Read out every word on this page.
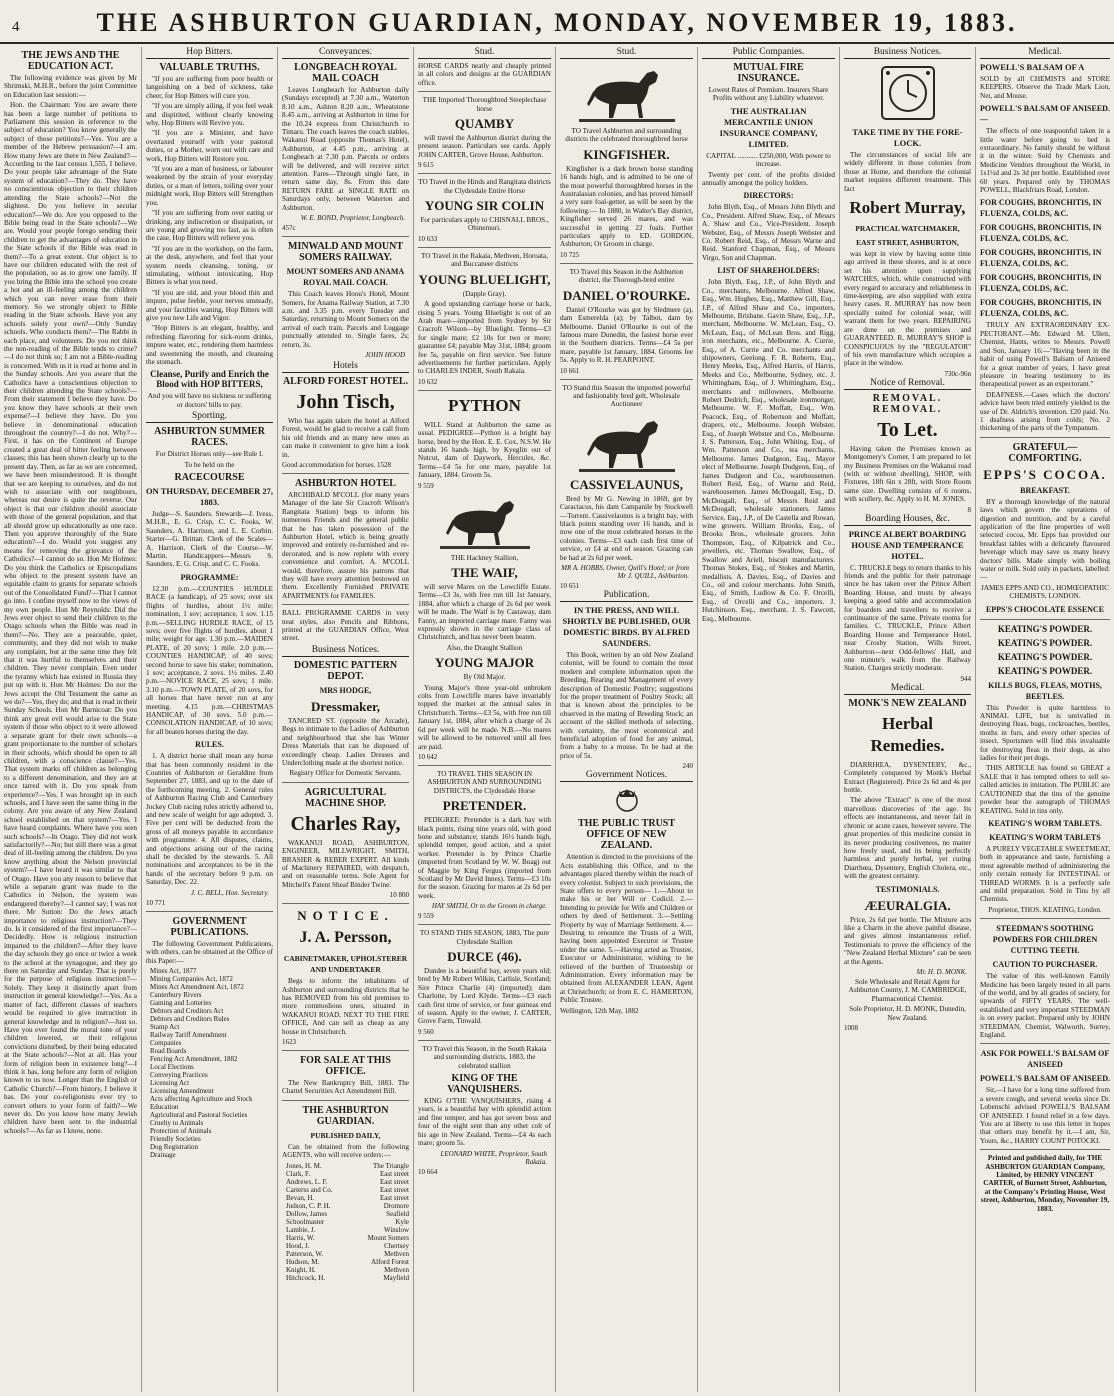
4	THE ASHBURTON GUARDIAN, MONDAY, NOVEMBER 19, 1883.
THE JEWS AND THE EDUCATION ACT.

The following evidence was given by Mr Shrimski, M.H.R., before the joint Committee on Education last session:—

Hon. the Chairman: You are aware there has been a large number of petitions to Parliament this session in reference to the subject of education? You know generally the subject of those petitions?—Yes. You are a member of the Hebrew persuasion?—I am. How many Jews are there in New Zealand?—According to the last census 1,555, I believe. Do your people take advantage of the State system of education?—They do. They have no conscientious objection to their children attending the State schools?—Not the slightest. Do you believe in secular education?—We do. Are you opposed to the Bible being read in the State schools?—We are. Would your people forego sending their children to get the advantages of education in the State schools if the Bible was read in them?—To a great extent. Our object is to have our children educated with the rest of the population, so as to grow one family. If you bring the Bible into the school you create a hot and an ill-feeling among the children which you can never erase from their memory. So we strongly object to Bible reading in the State schools. Have you any schools solely your own?—Only Sunday schools. Who conducts them?—The Rabbi in each place, and volunteers. Do you not think the non-reading of the Bible tends to crime?—I do not think so; I am not a Bible-reading is concerned. With us it is read at home and in the Sunday schools. Are you aware that the Catholics have a conscientious objection to their children attending the State schools?—From their statement I believe they have. Do you know they have schools at their own expense?—I believe they have. Do you believe in denominational education throughout the country?—I do not. Why?—First, it has on the Continent of Europe created a great deal of bitter feeling between classes; this has been shown clearly up to the present day. Then, as far as we are concerned, we have been misunderstood. It is thought that we are keeping to ourselves, and do not wish to associate with our neighbours, whereas our desire is quite the reverse. Our object is that our children should associate with those of the general population, and that all should grow up educationally as one race. Then you approve thoroughly of the State education?—I do. Would you suggest any means for removing the grievance of the Catholics?—I cannot do so. Hon Mr Holmes: Do you think the Catholics or Episcopalians who object to the present system have an equitable claim to grants for separate schools out of the Consolidated Fund?—That I cannot go into. I confine myself now to the views of my own people. Hon Mr Reynolds: Did the Jews ever object to send their children to the Otago schools when the Bible was read in them?—No. They are a peaceable, quiet, community, and they did not wish to make any complaint, but at the same time they felt that it was hurtful to themselves and their children. They never complain. Even under the tyranny which has existed in Russia they put up with it. Hon Mr Holmes: Do not the Jews accept the Old Testament the same as we do?—Yes, they do; and that is read in their Sunday Schools. Hon Mr Barnicoat: Do you think any great evil would arise to the State system if those who object to it were allowed a separate grant for their own schools—a grant proportionate to the number of scholars in their schools, which should be open to all children, with a conscience clause?—Yes. That system marks off children as belonging to a different denomination, and they are at once tarred with it. Do you speak from experience?—Yes. I was brought up in such schools, and I have seen the same thing in the colony. Are you aware of any New Zealand school established on that system?—Yes. I have heard complaints. Where have you seen such schools?—In Otago. They did not work satisfactorily?—No; but still there was a great deal of ill-feeling among the children. Do you know anything about the Nelson provincial system?—I have heard it was similar to that of Otago. Have you any reason to believe that while a separate grant was made to the Catholics in Nelson, the system was endangered thereby?—I cannot say; I was not there. Mr Sutton: Do the Jews attach importance to religious instruction?—They do. Is it considered of the first importance?—Decidedly. How is religious instruction imparted to the children?—After they leave the day schools they go once or twice a week to the school at the synagogue, and they go there on Saturday and Sunday. That is purely for the purpose of religious instruction?—Solely. They keep it distinctly apart from instruction in general knowledge?—Yes. As a matter of fact, different classes of teachers would be required to give instruction in general knowledge and in religion?—Just so. Have you ever found the moral tone of your children lowered, or their religious convictions disturbed, by their being educated at the State schools?—Not at all. Has your form of religion been in existence long?—I think it has, long before any form of religion known to us now. Longer than the English or Catholic Church?—From history, I believe it has. Do your co-religionists ever try to convert others to your form of faith?—We never do. Do you know how many Jewish children have been sent to the industrial schools?—As far as I know, none.

Hop Bitters.
VALUABLE TRUTHS.

"If you are suffering from poor health or languishing on a bed of sickness, take cheer, for Hop Bitters will cure you.

"If you are simply ailing, if you feel weak and dispirited, without clearly knowing why, Hop Bitters will Revive you.

"If you are a Minister, and have overtaxed yourself with your pastoral duties, or a Mother, worn out with care and work, Hop Bitters will Restore you.

"If you are a man of business, or labourer weakened by the strain of your everyday duties, or a man of letters, toiling over your midnight work, Hop Bitters will Strengthen you.

"If you are suffering from over eating or drinking, any indiscretion or dissipation, or are young and growing too fast, as is often the case, Hop Bitters will relieve you.

"If you are in the workshop, on the farm, at the desk, anywhere, and feel that your system needs cleansing, toning, or stimulating, without intoxicating, Hop Bitters is what you need.

"If you are old, and your blood thin and impure, pulse feeble, your nerves unsteady, and your faculties waning, Hop Bitters will give you new Life and Vigor.

"Hop Bitters is an elegant, healthy, and refreshing flavoring for sick-room drinks, impure water, etc., rendering them harmless and sweetening the mouth, and cleansing the stomach.

Cleanse, Purify and Enrich the Blood with HOP BITTERS,

And you will have no sickness or suffering or doctors' bills to pay.

Sporting.
ASHBURTON SUMMER RACES.

For District Horses only—see Rule I.

To be held on the

RACECOURSE
ON THURSDAY, DECEMBER 27, 1883.

Judge—S. Saunders. Stewards—J. Ivess, M.H.R., E. G. Crisp, C. C. Fooks, W. Saunders, A. Harrison, and L. E. Corbin. Starter—G. Brittan. Clerk of the Scales—A. Harrison. Clerk of the Course—W. Martin. Handicappers—Messrs S. Saunders, E. G. Crisp, and C. C. Fooks.

PROGRAMME:

12.30 p.m.—COUNTIES HURDLE RACE (a handicap), of 25 sovs; over six flights of hurdles, about 1½ mile; nomination, 1 sov; acceptance, 1 sov. 1.15 p.m.—SELLING HURDLE RACE, of 15 sovs; over five flights of hurdles, about 1 mile; weight for age. 1.30 p.m.—MAIDEN PLATE, of 20 sovs; 1 mile. 2.0 p.m.—COUNTIES HANDICAP, of 40 sovs; second horse to save his stake; nomination, 1 sov; acceptance, 2 sovs. 1½ miles. 2.40 p.m.—NOVICE RACE, 25 sovs; 1 mile. 3.10 p.m.—TOWN PLATE, of 20 sovs, for all horses that have never run at any meeting. 4.15 p.m.—CHRISTMAS HANDICAP, of 30 sovs. 5.0 p.m.—CONSOLATION HANDICAP, of 10 sovs; for all beaten horses during the day.

RULES.

1. A district horse shall mean any horse that has been commonly resident in the Counties of Ashburton or Geraldine from September 27, 1883, and up to the date of the forthcoming meeting. 2. General rules of Ashburton Racing Club and Canterbury Jockey Club racing rules strictly adhered to, and new scale of weight for age adopted. 3. Five per cent will be deducted from the gross of all moneys payable in accordance with programme. 4. All disputes, claims, and objections arising out of the racing shall be decided by the stewards. 5. All nominations and acceptances to be in the hands of the secretary before 9 p.m. on Saturday, Dec. 22.

J. C. BELL, Hon. Secretary.
10 771
GOVERNMENT PUBLICATIONS.

The following Government Publications, with others, can be obtained at the Office of this Paper:—

Mines Act, 1877
Mining Companies Act, 1872
Mines Act Amendment Act, 1872
Canterbury Rivers
Gaming and Lotteries
Debtors and Creditors Act
Debtors and Creditors Rules
Stamp Act
Railway Tariff Amendment
Companies
Road Boards
Fencing Act Amendment, 1882
Local Elections
Conveying Practices
Licensing Act
Licensing Amendment
Acts affecting Agriculture and Stock
Education
Agricultural and Pastoral Societies
Cruelty to Animals
Protection of Animals
Friendly Societies
Dog Registration
Drainage
Conveyances.
LONGBEACH ROYAL MAIL COACH

Leaves Longbeach for Ashburton daily (Sundays excepted) at 7.30 a.m., Waterton 8.10 a.m., Ashton 8.20 a.m., Wheatstone 8.45 a.m., arriving at Ashburton in time for the 10.24 express from Christchurch to Timaru. The coach leaves the coach stables, Wakanui Road (opposite Thomas's Hotel), Ashburton, at 4.45 p.m., arriving at Longbeach at 7.30 p.m. Parcels or orders will be delivered, and will receive strict attention. Fares—Through single fare, in return same day, 8s. From this date RETURN FARE at SINGLE RATE on Saturdays only, between Waterton and Ashburton.

W. E. BOND, Proprietor, Longbeach.
457c
MINWALD AND MOUNT SOMERS RAILWAY.
MOUNT SOMERS AND ANAMA ROYAL MAIL COACH.

This Coach leaves Hoou's Hotel, Mount Somers, for Anama Railway Station, at 7.30 a.m. and 3.35 p.m. every Tuesday and Saturday, returning to Mount Somers on the arrival of each train. Parcels and Luggage punctually attended to. Single fares, 2s; return, 3s.

JOHN HOOD
Hotels
ALFORD FOREST HOTEL.
John Tisch,

Who has again taken the hotel at Alford Forest, would be glad to receive a call from his old friends and as many new ones as can make it convenient to give him a look in.

Good accommodation for horses. 1528
ASHBURTON HOTEL

ARCHIBALD M'COLL (for many years Manager of the late Sir Cracroft Wilson's Rangitata Station) begs to inform his numerous Friends and the general public that he has taken possession of the Ashburton Hotel, which is being greatly improved and entirely re-furnished and re-decorated, and is now replete with every convenience and comfort. A. M'COLL would, therefore, assure his patrons that they will have every attention bestowed on them. Excellently Furnished PRIVATE APARTMENTS for FAMILIES.

BALL PROGRAMME CARDS in very neat styles, also Pencils and Ribbons, printed at the GUARDIAN Office, West street.

Business Notices.
DOMESTIC PATTERN DEPOT.
MRS HODGE,
Dressmaker,

TANCRED ST. (opposite the Arcade), Begs to intimate to the Ladies of Ashburton and neighbourhood that she has Winter Dress Materials that can be disposed of exceedingly cheap. Ladies Dresses and Underclothing made at the shortest notice.

Registry Office for Domestic Servants.

AGRICULTURAL MACHINE SHOP.
Charles Ray,

WAKANUI ROAD, ASHBURTON, ENGINEER, MILLWRIGHT, SMITH, BRASIER & REBER EXPERT. All kinds of Machinery REPAIRED, with despatch, and on reasonable terms. Sole Agent for Mitchell's Patent Sheaf Binder Twine.

10 800
NOTICE.
J. A. Persson,
CABINETMAKER, UPHOLSTERER AND UNDERTAKER

Begs to inform the inhabitants of Ashburton and surrounding districts that he has REMOVED from his old premises to more commodious ones, situated in WAKANUI ROAD, NEXT TO THE FIRE OFFICE, And can sell as cheap as any house in Christchurch.

1623
FOR SALE AT THIS OFFICE.

The New Bankruptcy Bill, 1883. The Chattel Securities Act Amendment Bill.

THE ASHBURTON GUARDIAN.
PUBLISHED DAILY,

Can be obtained from the following AGENTS, who will receive orders:—

Jones, H. M.	The Triangle
Clark, F.	East street
Andrews, L. F.	East street
Carterss and Co.	East street
Bevan, H.	East street
Judson, C. P. H.	Dromore
Dollow, James	Seafield
Schoolmaster	Kyle
Lambie, J.	Winslow
Harris, W.	Mount Somers
Hood, J.	Chertsey
Patterson, W.	Methven
Hudson, M.	Alford Forest
Knight, H.	Methven
Hitchcock, H.	Mayfield
Stud.

HORSE CARDS neatly and cheaply printed in all colors and designs at the GUARDIAN office.

THE Imported Thoroughbred Steeplechase horse

QUAMBY

will travel the Ashburton district during the present season. Particulars see cards. Apply JOHN CARTER, Grove House, Ashburton.

9 615

TO Travel in the Hinds and Rangitata districts the Clydesdale Entire Horse

YOUNG SIR COLIN

For particulars apply to CHISNALL BROS., Ohinemuri.

10 633

TO Travel in the Rakaia, Methven, Horoata, and Buccaneer districts

YOUNG BLUELIGHT,

(Dapple Gray).

A good upstanding carriage horse or hack, rising 5 years. Young Bluelight is out of an Arab mare—imported from Sydney by Sir Cracroft Wilson—by Bluelight. Terms—£3 for single mare; £2 10s for two or more; guarantee £4; payable May 31st, 1884; groom fee 5s, payable on first service. See future advertisements for further particulars. Apply to CHARLES INDER, South Rakaia.

10 632
PYTHON

WILL Stand at Ashburton the same as usual. PEDIGREE—Python is a bright bay horse, bred by the Hon. E. E. Cox, N.S.W. He stands 16 hands high, by Kyeglin out of Nutcut, dam of Daywork, Hercules, &c. Terms—£4 5s for one mare, payable 1st January, 1884. Groom 5s.

9 559

THE Hackney Stallion,

THE WAIF,

will serve Mares on the Lowcliffe Estate. Terms—£3 3s, with free run till 1st January, 1884, after which a charge of 2s 6d per week will be made. The Waif is by Castaway, dam Fanny, an imported carriage mare. Fanny was expressly shown in the carriage class of Christchurch, and has never been beaten.

Also, the Draught Stallion

YOUNG MAJOR

By Old Major.

Young Major's three year-old unbroken colts from Lowcliffe mares have invariably topped the market at the annual sales in Christchurch. Terms—£3 5s, with free run till January 1st, 1884, after which a charge of 2s 6d per week will be made. N.B.—No mares will be allowed to be removed until all fees are paid.

10 642

TO TRAVEL THIS SEASON IN ASHBURTON AND SURROUNDING DISTRICTS, the Clydesdale Horse

PRETENDER.

PEDIGREE: Pretender is a dark bay with black points, rising nine years old, with good bone and substance; stands 16½ hands high, splendid temper, good action, and a quiet worker. Pretender is by Prince Charlie (imported from Scotland by W. W. Boag) out of Maggie by King Fergus (imported from Scotland by Mr David Innes). Terms—£3 10s for the season. Grazing for mares at 2s 6d per week.

HAY SMITH, Or to the Groom in charge.
9 559

TO STAND THIS SEASON, 1883, The pure Clydesdale Stallion

DURCE (46).

Dundee is a beautiful bay, seven years old; bred by Mr Robert Wilkin, Carlisle, Scotland; Sire Prince Charlie (4) (imported); dam Charlotte, by Lord Klyde. Terms—£3 each cash first time of service, or four guineas end of season. Apply to the owner, J. CARTER, Grove Farm, Tinwald.

9 560

TO Travel this Season, in the South Rakaia and surrounding districts, 1883, the celebrated stallion

KING OF THE VANQUISHERS.

KING O'THE VANQUISHERS, rising 4 years, is a beautiful bay with splendid action and fine temper, and has got seven boss and four of the eight sent than any other colt of his age in New Zealand. Terms—£4 4s each mare; groom 5s.

LEONARD WHITE, Proprietor, South Rakaia.
10 664
Stud.

TO Travel Ashburton and surrounding districts the celebrated thoroughbred horse

KINGFISHER.

Kingfisher is a dark brown horse standing 16 hands high, and is admitted to be one of the most powerful thoroughbred horses in the Australasian colonies, and has proved himself a very sure foal-getter, as will be seen by the following:— In 1880, in Walter's Bay district, Kingfisher served 26 mares, and was successful in getting 22 foals. Further particulars apply to ED. GORDON, Ashburton; Or Groom in charge.

10 725

TO Travel this Season in the Ashburton district, the Thorough-bred entire

DANIEL O'ROURKE.

Daniel O'Rourke was got by Sledmere (a), dam Esmerelda (a); by Talbot, dam by Melbourne. Daniel O'Rourke is out of the famous mare Dunedin, the fastest horse ever in the Southern districts. Terms—£4 5s per mare, payable 1st January, 1884. Grooms fee 5s. Apply to R. H. PEARPOINT.

10 661

TO Stand this Season the imported powerful and fashionably bred gelt, Wholesale Auctioneer

CASSIVELAUNUS,

Bred by Mr G. Newing in 1869, got by Caractacus, his dam Campanile by Stockwell—Torrent. Cassivelaunus is a bright bay, with black points standing over 16 hands, and is now one of the most celebrated horses in the colonies. Terms—£3 each cash first time of service, or £4 at end of season. Grazing can be had at 2s 6d per week.

MR A. HOBBS, Owner, Quill's Hotel; or from Mr J. QUILL, Ashburton.
10 651
Publication.
IN THE PRESS, AND WILL SHORTLY BE PUBLISHED, OUR DOMESTIC BIRDS. BY ALFRED SAUNDERS.

This Book, written by an old New Zealand colonist, will be found to contain the most modern and complete information upon the Breeding, Rearing and Management of every description of Domestic Poultry; suggestions for the proper treatment of Poultry Stock; all that is known about the principles to be observed in the mating of Breeding Stock; an account of the skilled methods of selecting, with certainty, the most economical and beneficial adoption of food for any animal, from a baby to a mouse. To be had at the price of 5s.

240
Government Notices.
THE PUBLIC TRUST OFFICE OF NEW ZEALAND.

Attention is directed to the provisions of the Acts establishing this Office, and to the advantages placed thereby within the reach of every colonist. Subject to such provisions, the State offers to every person— 1.—About to make his or her Will or Codicil. 2.—Intending to provide for Wife and Children or others by deed of Settlement. 3.—Settling Property by way of Marriage Settlement. 4.—Desiring to renounce the Trusts of a Will, having been appointed Executor or Trustee under the same. 5.—Having acted as Trustee, Executor or Administrator, wishing to be relieved of the burthen of Trusteeship or Administration. Every information may be obtained from ALEXANDER LEAN, Agent at Christchurch; or from E. C. HAMERTON, Public Trustee.

Wellington, 12th May, 1882
Public Companies.
MUTUAL FIRE INSURANCE.

Lowest Rates of Premium. Insurers Share Profits without any Liability whatever.

THE AUSTRALIAN MERCANTILE UNION INSURANCE COMPANY, LIMITED.

CAPITAL ........... £250,000, With power to increase.

Twenty per cent. of the profits divided annually amongst the policy holders.

DIRECTORS:

John Blyth, Esq., of Messrs John Blyth and Co., President. Alfred Shaw, Esq., of Messrs A. Shaw and Co., Vice-President. Joseph Webster, Esq., of Messrs Joseph Webster and Co. Robert Reid, Esq., of Messrs Warne and Reid. Stanford Chapman, Esq., of Messrs Virgo, Son and Chapman.

LIST OF SHAREHOLDERS:

John Blyth, Esq., J.P., of John Blyth and Co., merchants, Melbourne. Alfred Shaw, Esq., Wm. Hughes, Esq., Matthew Gill, Esq., J.P., of Alfred Shaw and Co., importers, Melbourne, Brisbane. Gavin Shaw, Esq., J.P., merchant, Melbourne. W. McLean, Esq., O. McLean, Esq., of McLean Bros. and Rigg, iron merchants, etc., Melbourne. A. Currie, Esq., of A. Currie and Co. merchants and shipowners, Geelong. F. R. Roberts, Esq., Henry Meeks, Esq., Alfred Harris, of Harris, Meeks and Co., Melbourne, Sydney, etc. J. Whittingham, Esq., of J. Whittingham, Esq., merchants and millowners, Melbourne. Robert Dedrich, Esq., wholesale ironmonger, Melbourne. W. F. Moffatt, Esq., Wm. Peacock, Esq., of Robertson and Moffatt, drapers, etc., Melbourne. Joseph Webster, Esq., of Joseph Webster and Co., Melbourne. J. S. Patterson, Esq., John Whiting, Esq., of Wm. Patterson and Co., tea merchants, Melbourne. James Dudgeon, Esq., Mayor elect of Melbourne. Joseph Dudgeon, Esq., of James Dudgeon and Co., warehousemen. Robert Reid, Esq., of Warne and Reid, warehousemen. James McDougall, Esq., D. McDougall, Esq., of Messrs Reid and McDougall, wholesale stationers. James Service, Esq., J.P., of De Castella and Rowan, wine growers. William Brooks, Esq., of Brooks Bros., wholesale grocers. John Thompson, Esq., of Kilpatrick and Co., jewellers, etc. Thomas Swallow, Esq., of Swallow and Ariell, biscuit manufacturers. Thomas Stokes, Esq., of Stokes and Martin, medallists. A. Davies, Esq., of Davies and Co., oil and colour merchants. John Smith, Esq., of Smith, Ludlow & Co. F. Orcelli, Esq., of Orcelli and Co., importers. J. Hutchinson, Esq., merchant. J. S. Fawcett, Esq., Melbourne.

Business Notices.
TAKE TIME BY THE FORE-LOCK.

The circumstances of social life are widely different in those colonies from those at Home, and therefore the colonial market requires different treatment. This fact

Robert Murray,
PRACTICAL WATCHMAKER,
EAST STREET, ASHBURTON,

was kept in view by having some time ago arrived in these shores, and is at once set his attention upon supplying WATCHES, which, while constructed with every regard to accuracy and reliableness in time-keeping, are also supplied with extra heavy cases. R. MURRAY has now been specially suited for colonial wear, will warrant them for two years. REPAIRING are done on the premises and GUARANTEED. R. MURRAY'S SHOP is CONSPICUOUS by the "REGULATOR" of his own manufacture which occupies a place in the window.

730c-96n
Notice of Removal.
REMOVAL. REMOVAL.
To Let.

Having taken the Premises known as Montgomery's Corner, I am prepared to let my Business Premises on the Wakanui road (with or without dwelling), SHOP, with Fixtures, 18ft 6in x 28ft, with Store Room same size. Dwelling consists of 6 rooms, with scullery, &c. Apply to H. M. JONES.

8
Boarding Houses, &c.
PRINCE ALBERT BOARDING HOUSE AND TEMPERANCE HOTEL.

C. TRUCKLE begs to return thanks to his friends and the public for their patronage since he has taken over the Prince Albert Boarding House, and trusts by always keeping a good table and accommodation for boarders and travellers to receive a continuance of the same. Private rooms for families. C. TRUCKLE, Prince Albert Boarding House and Temperance Hotel, near Crosby Station, Wills Street, Ashburton—next Odd-fellows' Hall, and one minute's walk from the Railway Station. Charges strictly moderate.

944
Medical.
MONK'S NEW ZEALAND
Herbal Remedies.

DIARRHŒA, DYSENTERY, &c., Completely conquered by Monk's Herbal Extract (Registered). Price 2s 6d and 4s per bottle.

The above "Extract" is one of the most marvellous discoveries of the age. Its effects are instantaneous, and never fail in chronic or acute cases, however severe. The great properties of this medicine consist in its never producing costiveness, no matter how freely used, and its being perfectly harmless and purely herbal, yet curing Diarrhœa, Dysentery, English Cholera, etc., with the greatest certainty.

TESTIMONIALS.
ÆEURALGIA.

Price, 2s 6d per bottle. The Mixture acts like a Charm in the above painful disease, and gives almost instantaneous relief. Testimonials to prove the efficiency of the "New Zealand Herbal Mixture" can be seen at the Agents.

Mr. H. D. MONK.

Sole Wholesale and Retail Agent for Ashburton County, J. M. CAMBRIDGE, Pharmaceutical Chemist.

Sole Proprietor, H. D. MONK, Dunedin, New Zealand.

1008
Medical.
POWELL'S BALSAM OF A

SOLD by all CHEMISTS and STORE KEEPERS. Observe the Trade Mark Lion, Net, and Mouse.

POWELL'S BALSAM OF ANISEED.—

The effects of one teaspoonful taken in a little water before going to bed is extraordinary. No family should be without it in the winter. Sold by Chemists and Medicine Vendors throughout the World, in 1s1½d and 2s 3d per bottle. Established over 60 years. Prepared only by THOMAS POWELL, Blackfriars Road, London.

FOR COUGHS, BRONCHITIS, IN FLUENZA, COLDS, &C.
FOR COUGHS, BRONCHITIS, IN FLUENZA, COLDS, &C.
FOR COUGHS, BRONCHITIS, IN FLUENZA, COLDS, &C.
FOR COUGHS, BRONCHITIS, IN FLUENZA, COLDS, &C.
FOR COUGHS, BRONCHITIS, IN FLUENZA, COLDS, &C.

TRULY AN EXTRAORDINARY EX-PECTORANT.—Mr. Edward M. Ullett, Chemist, Hants, writes to Messrs. Powell and Son, January 16:—"Having been in the habit of using Powell's Balsam of Aniseed for a great number of years, I have great pleasure in bearing testimony to its therapeutical power as an expectorant."

DEAFNESS.—Cases which the doctors' advice have been tried entirely yielded to the use of Dr. Aldrich's invention. £20 paid. No. 1 deafness arising from colds; No. 2 thickening of the parts of the Tympanum.

GRATEFUL—COMFORTING.
EPPS'S COCOA.
BREAKFAST.

BY a thorough knowledge of the natural laws which govern the operations of digestion and nutrition, and by a careful application of the fine properties of well selected cocoa, Mr. Epps has provided our breakfast tables with a delicately flavoured beverage which may save us many heavy doctors' bills. Made simply with boiling water or milk. Sold only in packets, labelled:—

JAMES EPPS AND CO., HOMŒOPATHIC CHEMISTS, LONDON.

EPPS'S CHOCOLATE ESSENCE
KEATING'S POWDER.
KEATING'S POWDER.
KEATING'S POWDER.
KEATING'S POWDER.
KILLS BUGS, FLEAS, MOTHS, BEETLES.

This Powder is quite harmless to ANIMAL LIFE, but is unrivalled in destroying fleas, bugs, cockroaches, beetles, moths in furs, and every other species of insect. Sportsmen will find this invaluable for destroying fleas in their dogs, as also ladies for their pet dogs.

THIS ARTICLE has found so GREAT a SALE that it has tempted others to sell so-called articles in imitation. The PUBLIC are CAUTIONED that the tins of the genuine powder bear the autograph of THOMAS KEATING. Sold in tins only.

KEATING'S WORM TABLETS.
KEATING'S WORM TABLETS

A PURELY VEGETABLE SWEETMEAT, both in appearance and taste, furnishing a most agreeable method of administering the only certain remedy for INTESTINAL or THREAD WORMS. It is a perfectly safe and mild preparation. Sold in Tins by all Chemists.

Proprietor, THOS. KEATING, London.

STEEDMAN'S SOOTHING POWDERS FOR CHILDREN CUTTING TEETH.
CAUTION TO PURCHASER.

The value of this well-known Family Medicine has been largely tested in all parts of the world, and by all grades of society, for upwards of FIFTY YEARS. The well-established and very important STEEDMAN is on every packet. Prepared only by JOHN STEEDMAN, Chemist, Walworth, Surrey, England.

ASK FOR POWELL'S BALSAM OF ANISEED
POWELL'S BALSAM OF ANISEED.

Sir,—I have for a long time suffered from a severe cough, and several weeks since Dr. Lobenschi advised POWELL'S BALSAM OF ANISEED. I found relief in a few days. You are at liberty to use this letter in hopes that others may benefit by it.—I am, Sir, Yours, &c., HARRY COUNT POTOCKI.

Printed and published daily, for THE ASHBURTON GUARDIAN Company, Limited, by HENRY VINCENT CARTER, of Burnett Street, Ashburton, at the Company's Printing House, West street, Ashburton, Monday, November 19, 1883.
